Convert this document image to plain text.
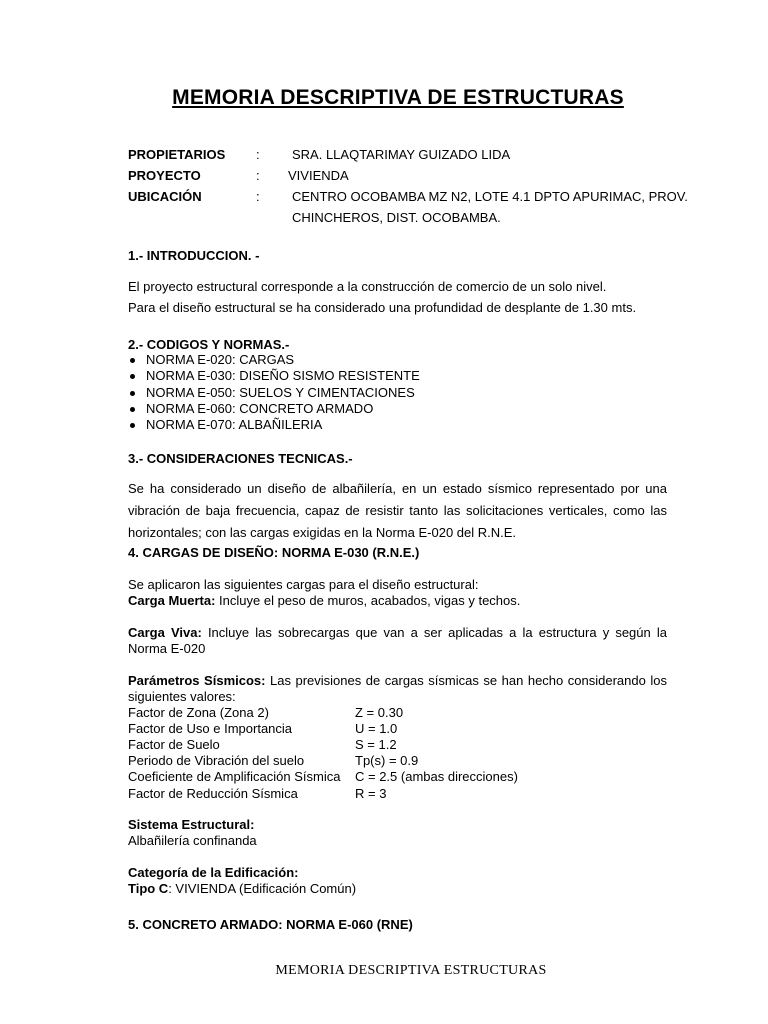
MEMORIA DESCRIPTIVA DE ESTRUCTURAS
PROPIETARIOS : SRA. LLAQTARIMAY GUIZADO LIDA
PROYECTO	: VIVIENDA
UBICACIÓN	: CENTRO OCOBAMBA MZ N2, LOTE 4.1 DPTO APURIMAC, PROV.
CHINCHEROS, DIST. OCOBAMBA.
1.- INTRODUCCION. -
El proyecto estructural corresponde a la construcción de comercio de un solo nivel.
Para el diseño estructural se ha considerado una profundidad de desplante de 1.30 mts.
2.- CODIGOS Y NORMAS.-
NORMA E-020: CARGAS
NORMA E-030: DISEÑO SISMO RESISTENTE
NORMA E-050: SUELOS Y CIMENTACIONES
NORMA E-060: CONCRETO ARMADO
NORMA E-070: ALBAÑILERIA
3.- CONSIDERACIONES TECNICAS.-
Se ha considerado un diseño de albañilería, en un estado sísmico representado por una vibración de baja frecuencia, capaz de resistir tanto las solicitaciones verticales, como las horizontales; con las cargas exigidas en la Norma E-020 del R.N.E.
4. CARGAS DE DISEÑO: NORMA E-030 (R.N.E.)
Se aplicaron las siguientes cargas para el diseño estructural:
Carga Muerta: Incluye el peso de muros, acabados, vigas y techos.
Carga Viva: Incluye las sobrecargas que van a ser aplicadas a la estructura y según la Norma E-020
Parámetros Sísmicos: Las previsiones de cargas sísmicas se han hecho considerando los siguientes valores:
Factor de Zona (Zona 2)	Z = 0.30
Factor de Uso e Importancia	U = 1.0
Factor de Suelo	S = 1.2
Periodo de Vibración del suelo	Tp(s) = 0.9
Coeficiente de Amplificación Sísmica C = 2.5 (ambas direcciones)
Factor de Reducción Sísmica	R = 3
Sistema Estructural:
Albañilería confinanda
Categoría de la Edificación:
Tipo C: VIVIENDA (Edificación Común)
5. CONCRETO ARMADO: NORMA E-060 (RNE)
MEMORIA DESCRIPTIVA ESTRUCTURAS
